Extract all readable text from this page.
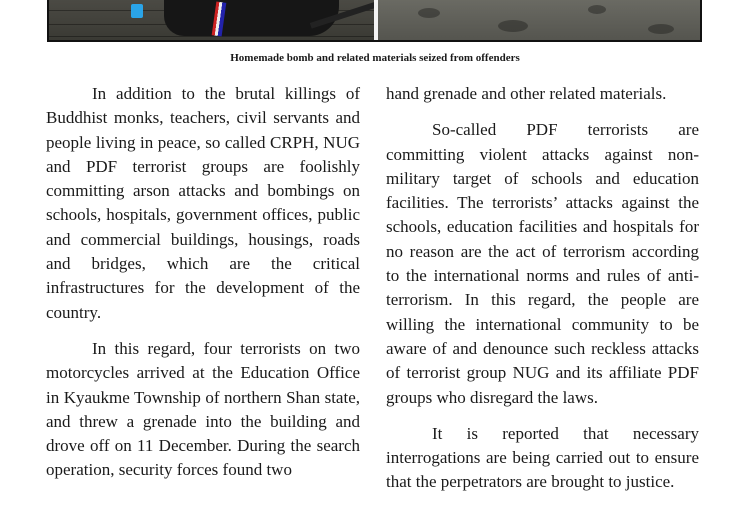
Homemade bomb and related materials seized from offenders

In addition to the brutal killings of Buddhist monks, teachers, civil servants and people living in peace, so called CRPH, NUG and PDF terrorist groups are foolishly committing arson attacks and bombings on schools, hospitals, government offices, public and commercial buildings, housings, roads and bridges, which are the critical infrastructures for the development of the country.

In this regard, four terrorists on two motorcycles arrived at the Education Office in Kyaukme Township of northern Shan state, and threw a grenade into the building and drove off on 11 December. During the search operation, security forces found two

hand grenade and other related materials.

So-called PDF terrorists are committing violent attacks against non-military target of schools and education facilities. The terrorists’ attacks against the schools, education facilities and hospitals for no reason are the act of terrorism according to the international norms and rules of anti-terrorism. In this regard, the people are willing the international community to be aware of and denounce such reckless attacks of terrorist group NUG and its affiliate PDF groups who disregard the laws.

It is reported that necessary interrogations are being carried out to ensure that the perpetrators are brought to justice.
